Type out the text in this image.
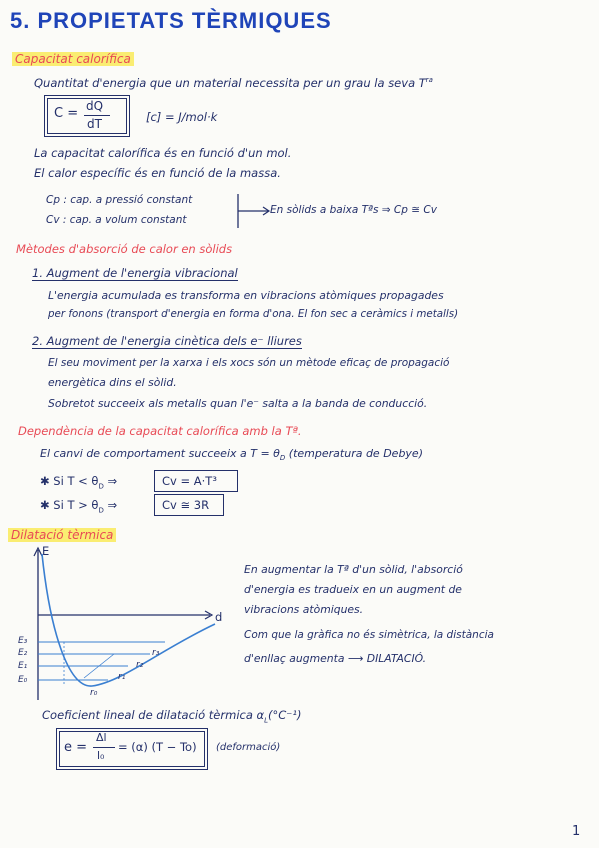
5. PROPIETATS TÈRMIQUES
Capacitat calorífica
Quantitat d'energia que un material necessita per un grau la seva $T^{ra}$
C = dQ
dT	[c] = J/mol·k
La capacitat calorífica és en funció d'un mol.
El calor específic és en funció de la massa.
Cp : cap. a pressió constant
Cv : cap. a volum constant
En sòlids a baixa Tªs ⇒ Cp ≅ Cv
Mètodes d'absorció de calor en sòlids
1. Augment de l'energia vibracional
L'energia acumulada es transforma en vibracions atòmiques propagades
per fonons (transport d'energia en forma d'ona. El fon sec a ceràmics i metalls)
2. Augment de l'energia cinètica dels e⁻ lliures
El seu moviment per la xarxa i els xocs són un mètode eficaç de propagació
energètica dins el sòlid.
Sobretot succeeix als metalls quan l'e⁻ salta a la banda de conducció.
Dependència de la capacitat calorífica amb la Tª.
El canvi de comportament succeeix a $T = \theta_D$ (temperatura de Debye)
✱ Si $T < \theta_D$ ⇒	Cv = A·T³
✱ Si $T > \theta_D$ ⇒	Cv ≅ 3R
Dilatació tèrmica
E
d
E₃
E₂
E₁
E₀
r₃
r₂
r₁
r₀
En augmentar la Tª d'un sòlid, l'absorció
d'energia es tradueix en un augment de
vibracions atòmiques.
Com que la gràfica no és simètrica, la distància
d'enllaç augmenta ⟶ DILATACIÓ.
Coeficient lineal de dilatació tèrmica $\alpha_L(^\circ C^{-1})$
e =
Δl
l₀
= (α) (T − To) (deformació)
1
